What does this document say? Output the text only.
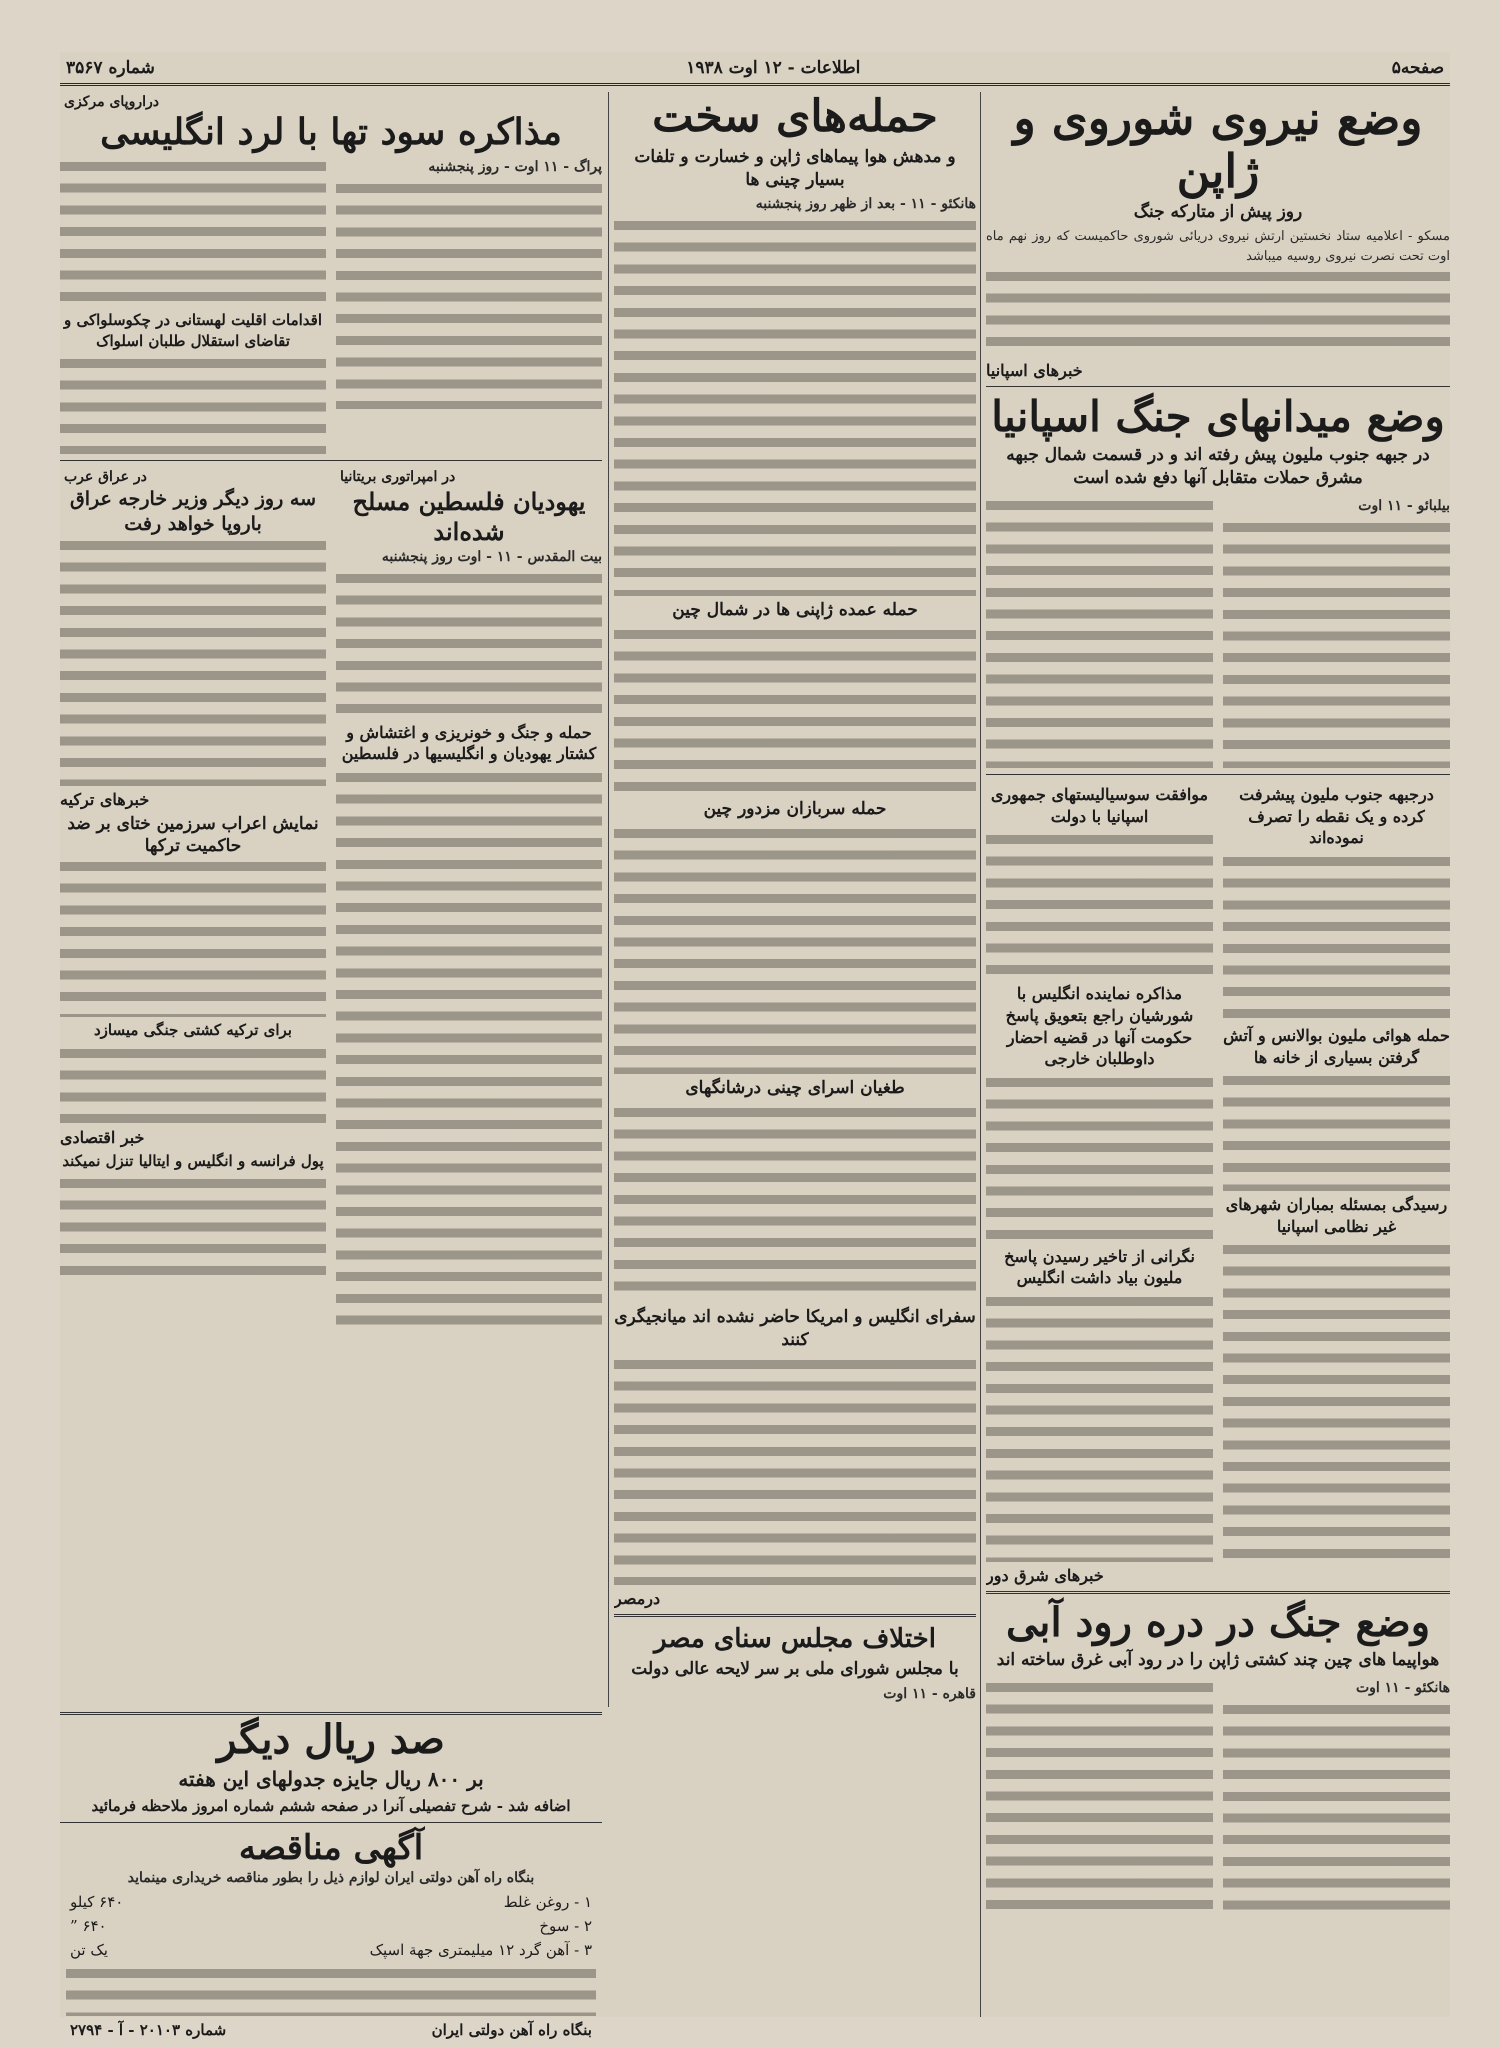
صفحه۵
اطلاعات - ۱۲ اوت ۱۹۳۸
شماره ۳۵۶۷
وضع نیروی شوروی و ژاپن
روز پیش از متارکه جنگ
مسکو - اعلامیه ستاد نخستین ارتش نیروی دریائی شوروی حاکمیست که روز نهم ماه اوت تحت نصرت نیروی روسیه میباشد
خبرهای اسپانیا
وضع میدانهای جنگ اسپانیا
در جبهه جنوب ملیون پیش رفته اند و در قسمت شمال جبهه مشرق حملات متقابل آنها دفع شده است
بیلبائو - ۱۱ اوت
درجبهه جنوب ملیون پیشرفت کرده و یک نقطه را تصرف نموده‌اند
حمله هوائی ملیون بوالانس و آتش گرفتن بسیاری از خانه ها
رسیدگی بمسئله بمباران شهرهای غیر نظامی اسپانیا
موافقت سوسیالیستهای جمهوری اسپانیا با دولت
مذاکره نماینده انگلیس با شورشیان راجع بتعویق پاسخ حکومت آنها در قضیه احضار داوطلبان خارجی
نگرانی از تاخیر رسیدن پاسخ ملیون بیاد داشت انگلیس
خبرهای شرق دور
وضع جنگ در دره رود آبی
هواپیما های چین چند کشتی ژاپن را در رود آبی غرق ساخته اند
هانکئو - ۱۱ اوت
حمله‌های سخت
و مدهش هوا پیماهای ژاپن و خسارت و تلفات بسیار چینی ها
هانکئو - ۱۱ - بعد از ظهر روز پنجشنبه
حمله عمده ژاپنی ها در شمال چین
حمله سربازان مزدور چین
طغیان اسرای چینی درشانگهای
سفرای انگلیس و امریکا حاضر نشده اند میانجیگری کنند
درمصر
اختلاف مجلس سنای مصر
با مجلس شورای ملی بر سر لایحه عالی دولت
قاهره - ۱۱ اوت
دراروپای مرکزی
مذاکره سود تها با لرد انگلیسی
پراگ - ۱۱ اوت - روز پنجشنبه
اقدامات اقلیت لهستانی در چکوسلواکی و تقاضای استقلال طلبان اسلواک
در امپراتوری بریتانیا
یهودیان فلسطین مسلح شده‌اند
بیت المقدس - ۱۱ - اوت روز پنجشنبه
حمله و جنگ و خونریزی و اغتشاش و کشتار یهودیان و انگلیسیها در فلسطین
در عراق عرب
سه روز دیگر وزیر خارجه عراق باروپا خواهد رفت
خبرهای ترکیه
نمایش اعراب سرزمین ختای بر ضد حاکمیت ترکها
برای ترکیه کشتی جنگی میسازد
خبر اقتصادی
پول فرانسه و انگلیس و ایتالیا تنزل نمیکند
صد ریال دیگر
بر ۸۰۰ ریال جایزه جدولهای این هفته
اضافه شد - شرح تفصیلی آنرا در صفحه ششم شماره امروز ملاحظه فرمائید
آگهی مناقصه
بنگاه راه آهن دولتی ایران لوازم ذیل را بطور مناقصه خریداری مینماید
۱ - روغن غلط
۶۴۰ کیلو
۲ - سوخ
۶۴۰ ”
۳ - آهن گرد ۱۲ میلیمتری جهة اسپک
یک تن
بنگاه راه آهن دولتی ایران
شماره ۲۰۱۰۳ - آ - ۲۷۹۴
